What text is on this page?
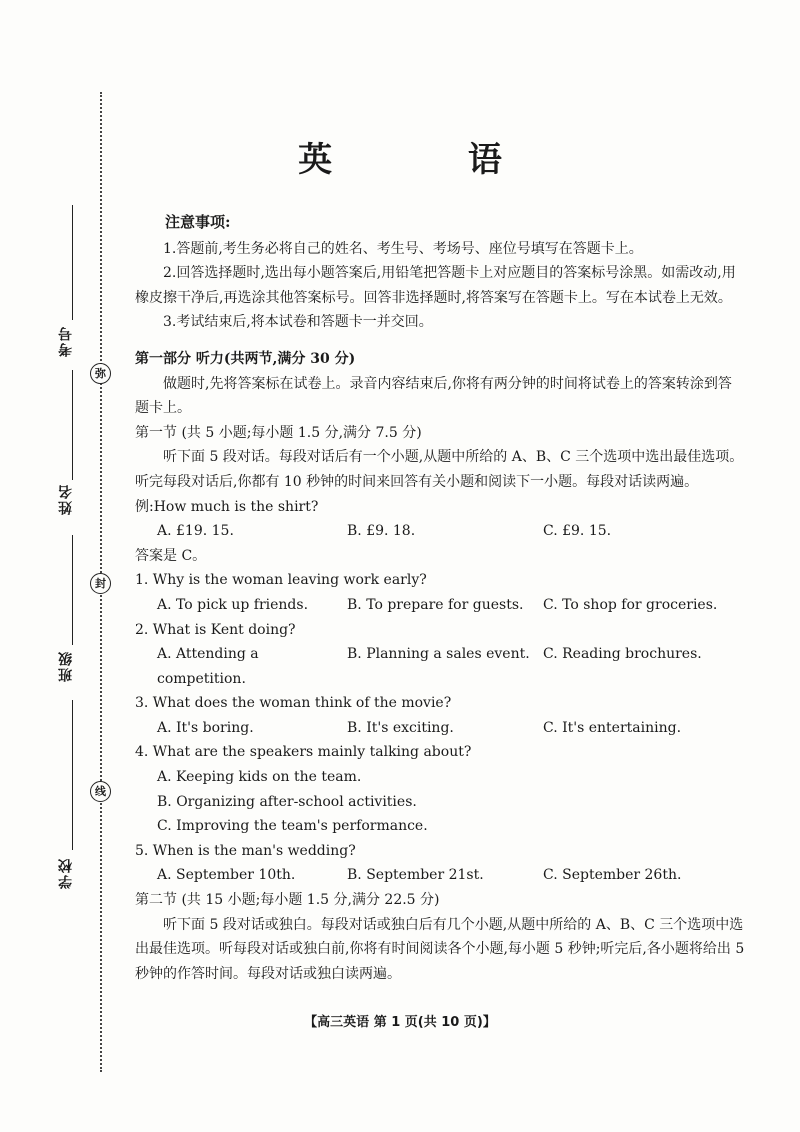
考号
弥
姓名
封
班级
线
学校
英 语
注意事项:

1.答题前,考生务必将自己的姓名、考生号、考场号、座位号填写在答题卡上。

2.回答选择题时,选出每小题答案后,用铅笔把答题卡上对应题目的答案标号涂黑。如需改动,用橡皮擦干净后,再选涂其他答案标号。回答非选择题时,将答案写在答题卡上。写在本试卷上无效。

3.考试结束后,将本试卷和答题卡一并交回。

第一部分 听力(共两节,满分 30 分)

做题时,先将答案标在试卷上。录音内容结束后,你将有两分钟的时间将试卷上的答案转涂到答题卡上。

第一节 (共 5 小题;每小题 1.5 分,满分 7.5 分)

听下面 5 段对话。每段对话后有一个小题,从题中所给的 A、B、C 三个选项中选出最佳选项。听完每段对话后,你都有 10 秒钟的时间来回答有关小题和阅读下一小题。每段对话读两遍。

例:How much is the shirt?

A. £19. 15.	B. £9. 18.	C. £9. 15.

答案是 C。

1. Why is the woman leaving work early?

A. To pick up friends.	B. To prepare for guests.	C. To shop for groceries.

2. What is Kent doing?

A. Attending a competition.
B. Planning a sales event. C. Reading brochures.

3. What does the woman think of the movie?

A. It's boring.	B. It's exciting.	C. It's entertaining.

4. What are the speakers mainly talking about?

A. Keeping kids on the team.

B. Organizing after-school activities.

C. Improving the team's performance.

5. When is the man's wedding?

A. September 10th.	B. September 21st.	C. September 26th.

第二节 (共 15 小题;每小题 1.5 分,满分 22.5 分)

听下面 5 段对话或独白。每段对话或独白后有几个小题,从题中所给的 A、B、C 三个选项中选出最佳选项。听每段对话或独白前,你将有时间阅读各个小题,每小题 5 秒钟;听完后,各小题将给出 5 秒钟的作答时间。每段对话或独白读两遍。

【高三英语 第 1 页(共 10 页)】
